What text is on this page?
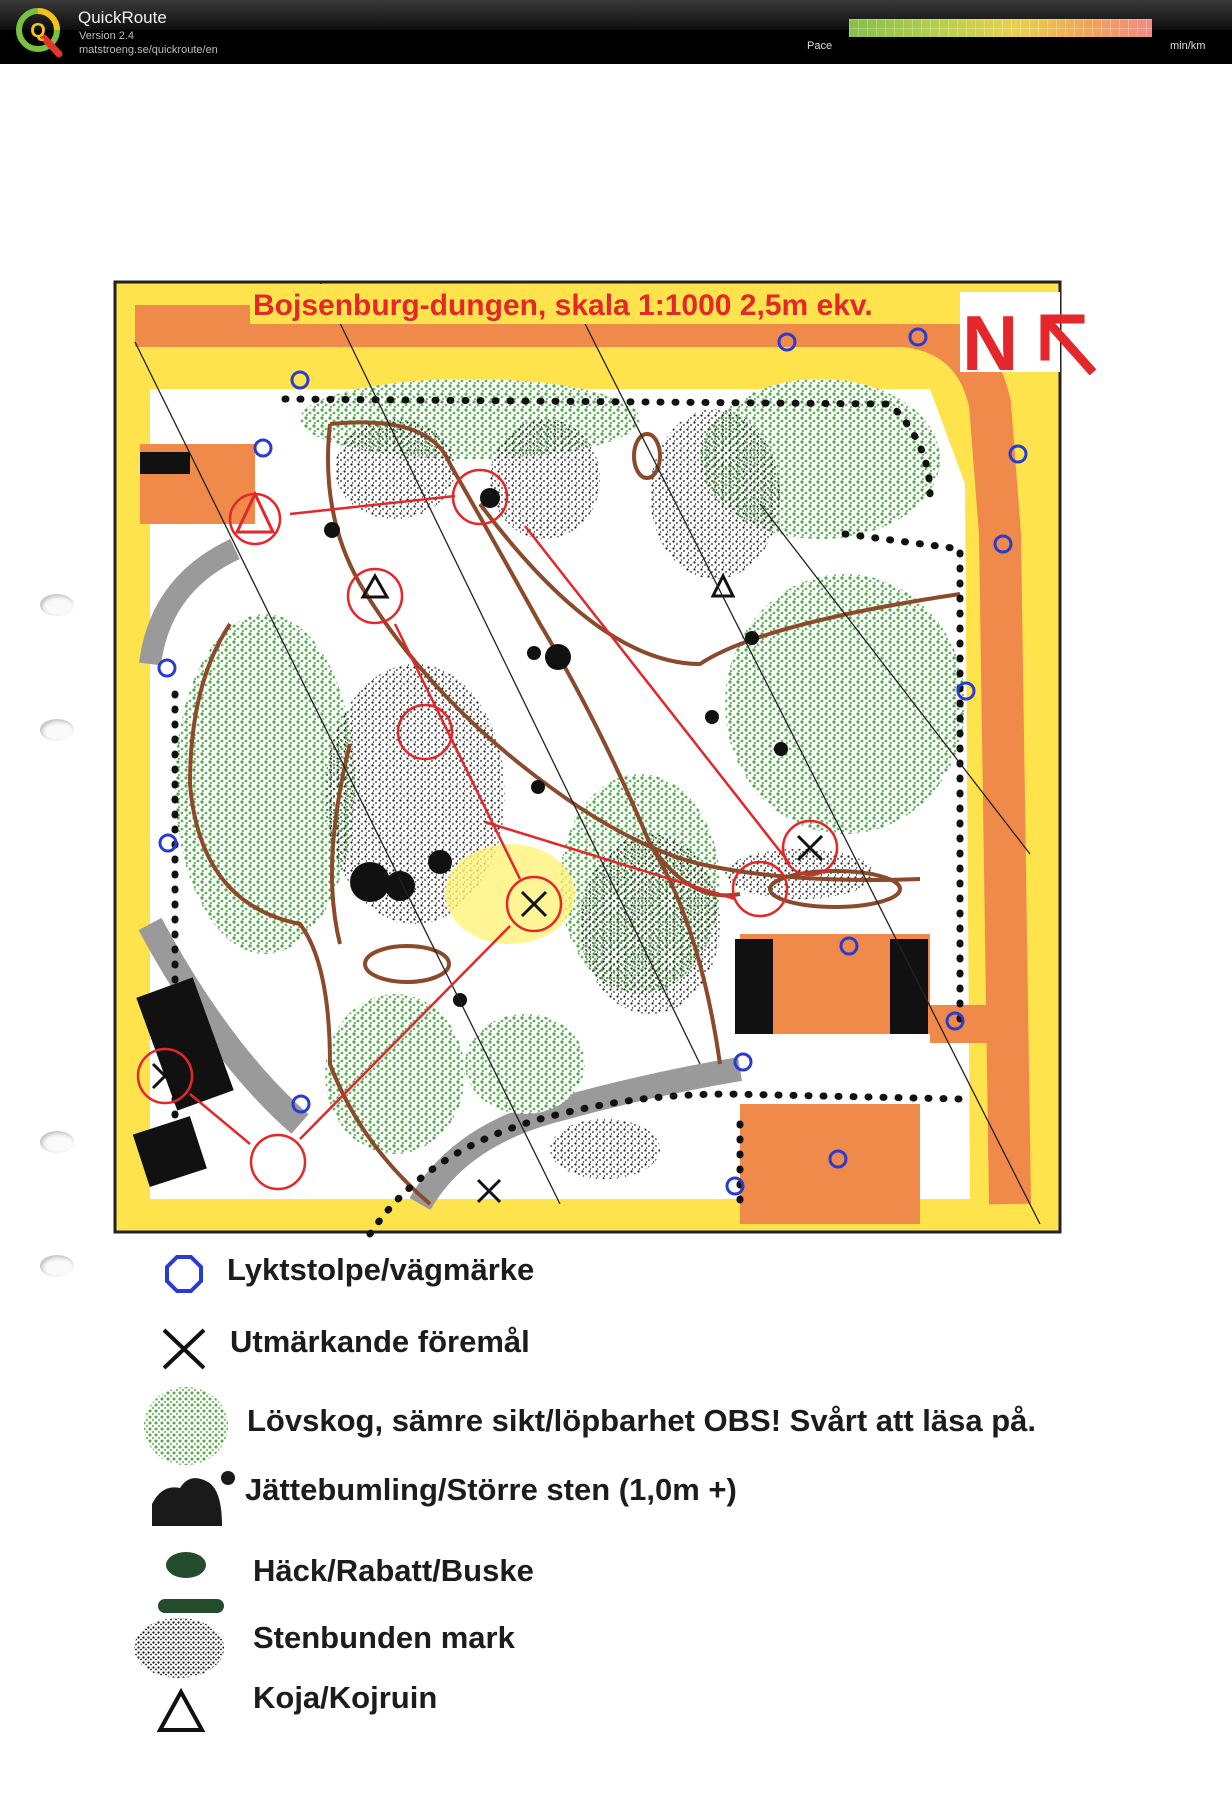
Q
QuickRoute
Version 2.4
matstroeng.se/quickroute/en	Pace	min/km
Bojsenburg-dungen, skala 1:1000 2,5m ekv. N
Lyktstolpe/vägmärke
Utmärkande föremål
Lövskog, sämre sikt/löpbarhet OBS! Svårt att läsa på.
Jättebumling/Större sten (1,0m +)
Häck/Rabatt/Buske
Stenbunden mark
Koja/Kojruin
